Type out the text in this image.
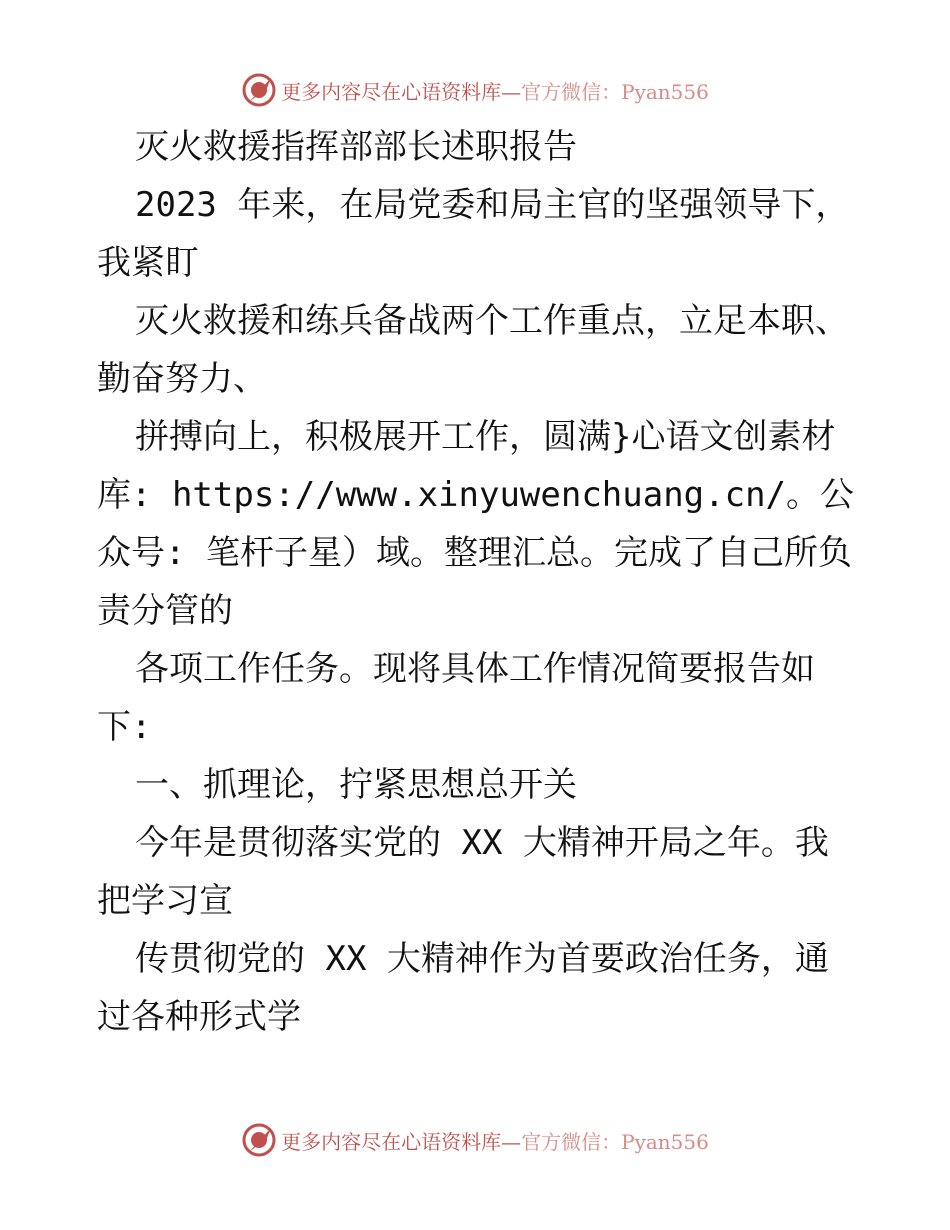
更多内容尽在心语资料库—官方微信：Pyan556

灭火救援指挥部部长述职报告

2023 年来，在局党委和局主官的坚强领导下，我紧盯

灭火救援和练兵备战两个工作重点，立足本职、勤奋努力、

拼搏向上，积极展开工作，圆满}心语文创素材库: https://www.xinyuwenchuang.cn/。公众号: 笔杆子星）域。整理汇总。完成了自己所负责分管的

各项工作任务。现将具体工作情况简要报告如下:

一、抓理论，拧紧思想总开关

今年是贯彻落实党的 XX 大精神开局之年。我把学习宣

传贯彻党的 XX 大精神作为首要政治任务，通过各种形式学

更多内容尽在心语资料库—官方微信：Pyan556
